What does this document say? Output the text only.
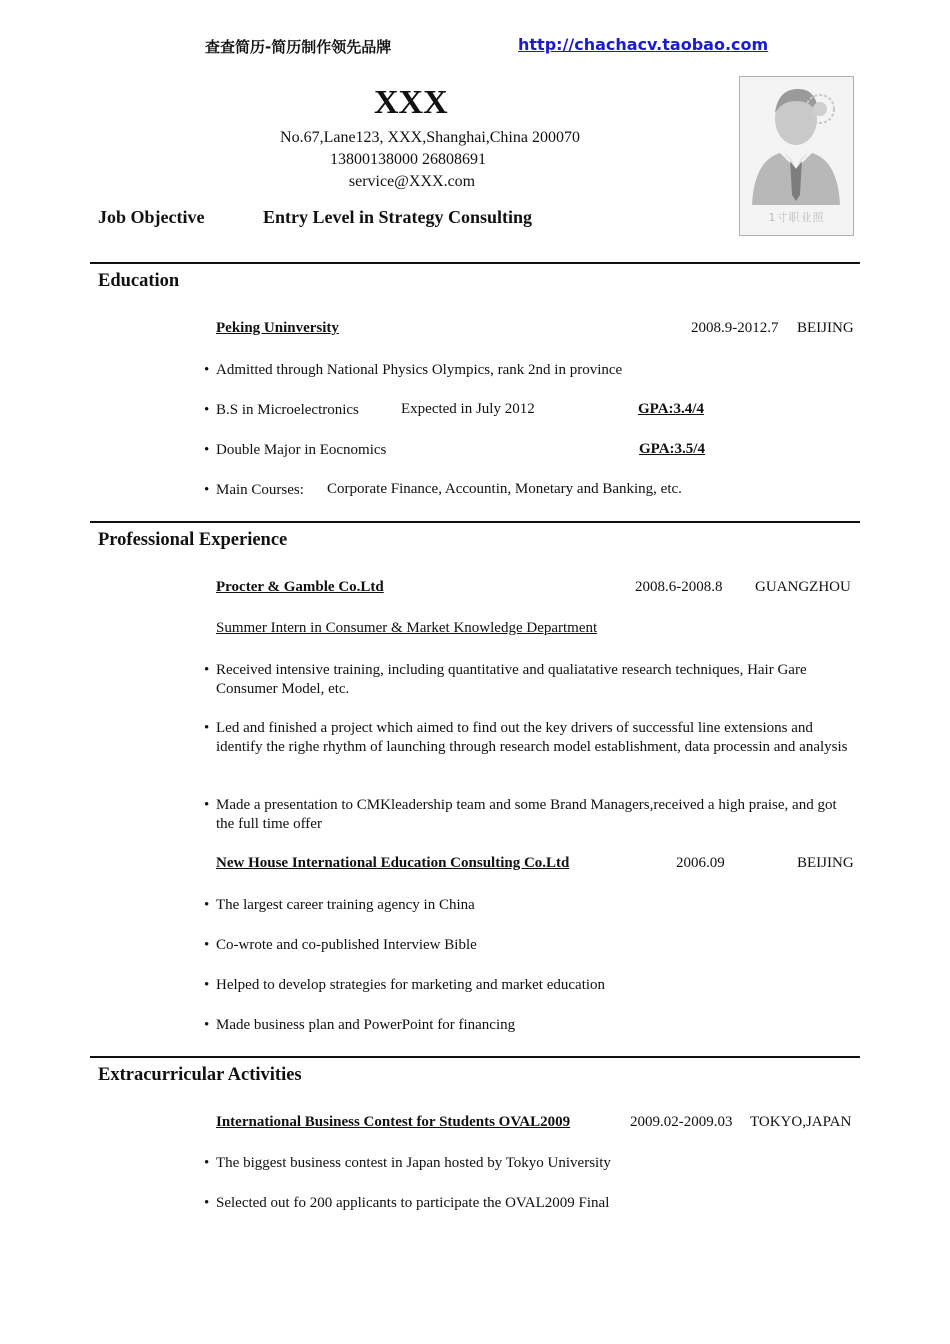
查查简历-简历制作领先品牌	http://chachacv.taobao.com
XXX
No.67,Lane123, XXX,Shanghai,China 200070
13800138000 26808691
service@XXX.com
1寸职业照
Job Objective	Entry Level in Strategy Consulting
Education
Peking Uninversity	2008.9-2012.7 BEIJING
• Admitted through National Physics Olympics, rank 2nd in province
• B.S in Microelectronics	Expected in July 2012	GPA:3.4/4
• Double Major in Eocnomics	GPA:3.5/4
• Main Courses:	Corporate Finance, Accountin, Monetary and Banking, etc.
Professional Experience
Procter & Gamble Co.Ltd	2008.6-2008.8 GUANGZHOU
Summer Intern in Consumer & Market Knowledge Department
• Received intensive training, including quantitative and qualiatative research techniques, Hair Gare Consumer Model, etc.
• Led and finished a project which aimed to find out the key drivers of successful line extensions and identify the righe rhythm of launching through research model establishment, data processin and analysis
• Made a presentation to CMKleadership team and some Brand Managers,received a high praise, and got the full time offer
New House International Education Consulting Co.Ltd	2006.09	BEIJING
• The largest career training agency in China
• Co-wrote and co-published Interview Bible
• Helped to develop strategies for marketing and market education
• Made business plan and PowerPoint for financing
Extracurricular Activities
International Business Contest for Students OVAL2009	2009.02-2009.03 TOKYO,JAPAN
• The biggest business contest in Japan hosted by Tokyo University
• Selected out fo 200 applicants to participate the OVAL2009 Final
